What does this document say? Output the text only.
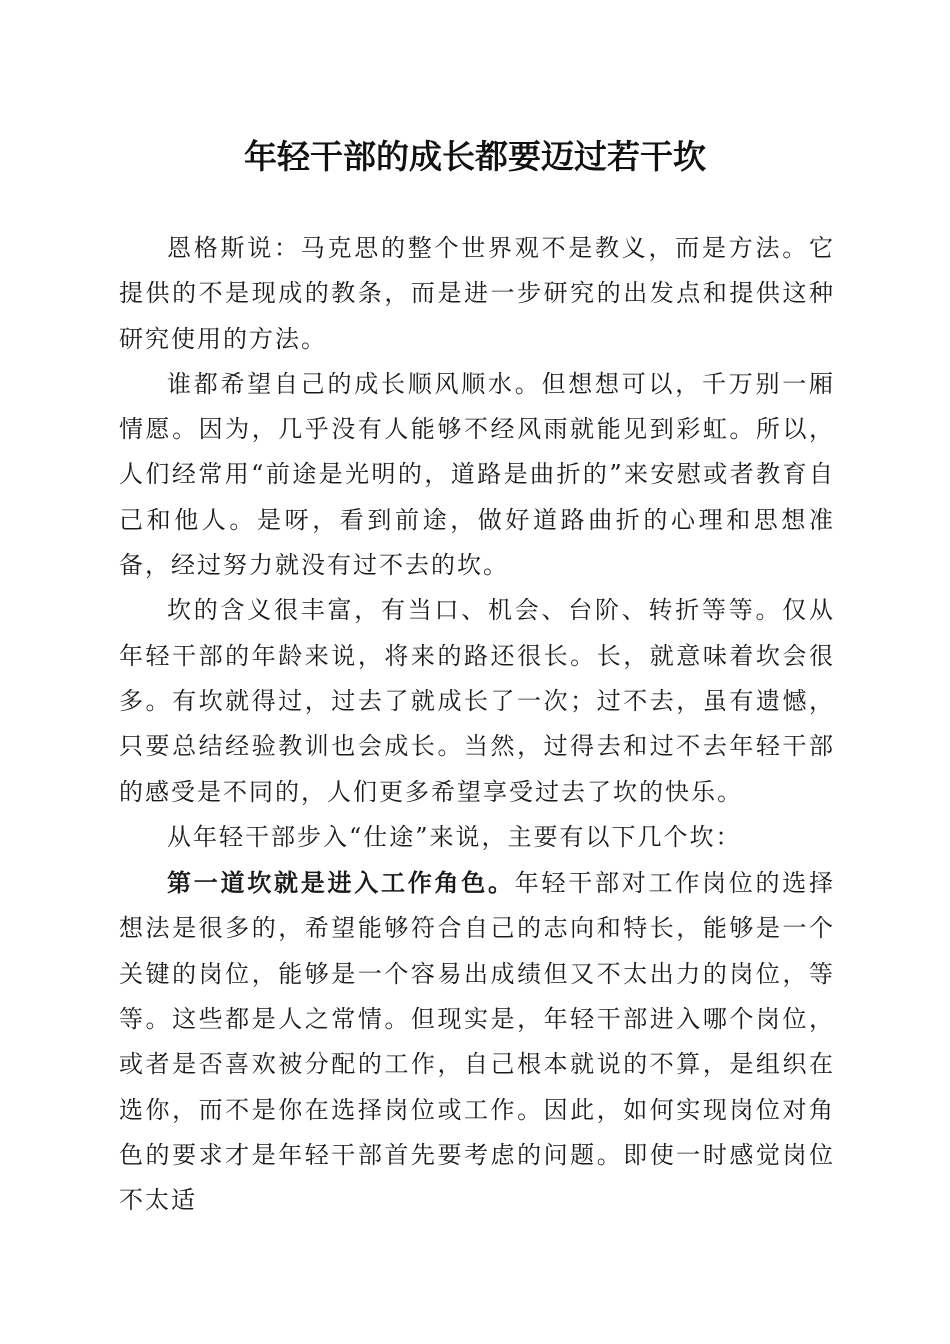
年轻干部的成长都要迈过若干坎

恩格斯说：马克思的整个世界观不是教义，而是方法。它提供的不是现成的教条，而是进一步研究的出发点和提供这种研究使用的方法。

谁都希望自己的成长顺风顺水。但想想可以，千万别一厢情愿。因为，几乎没有人能够不经风雨就能见到彩虹。所以，人们经常用“前途是光明的，道路是曲折的”来安慰或者教育自己和他人。是呀，看到前途，做好道路曲折的心理和思想准备，经过努力就没有过不去的坎。

坎的含义很丰富，有当口、机会、台阶、转折等等。仅从年轻干部的年龄来说，将来的路还很长。长，就意味着坎会很多。有坎就得过，过去了就成长了一次；过不去，虽有遗憾，只要总结经验教训也会成长。当然，过得去和过不去年轻干部的感受是不同的，人们更多希望享受过去了坎的快乐。

从年轻干部步入“仕途”来说，主要有以下几个坎：

第一道坎就是进入工作角色。年轻干部对工作岗位的选择想法是很多的，希望能够符合自己的志向和特长，能够是一个关键的岗位，能够是一个容易出成绩但又不太出力的岗位，等等。这些都是人之常情。但现实是，年轻干部进入哪个岗位，或者是否喜欢被分配的工作，自己根本就说的不算，是组织在选你，而不是你在选择岗位或工作。因此，如何实现岗位对角色的要求才是年轻干部首先要考虑的问题。即使一时感觉岗位不太适
